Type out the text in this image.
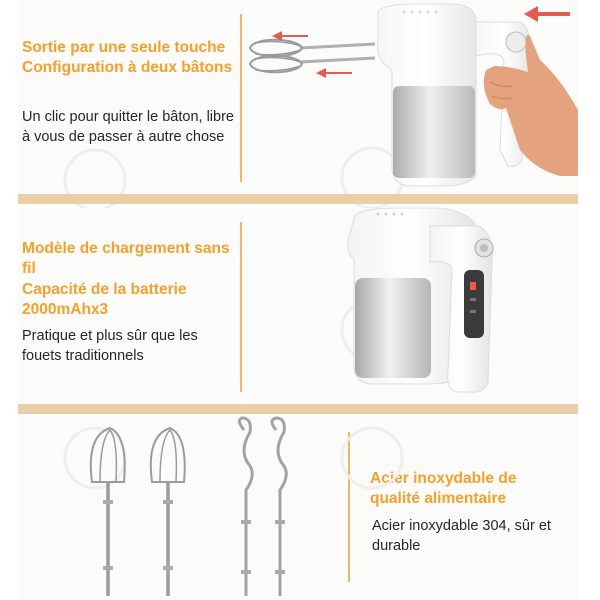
Sortie par une seule touche Configuration à deux bâtons
Un clic pour quitter le bâton, libre à vous de passer à autre chose
Modèle de chargement sans fil
Capacité de la batterie 2000mAhx3
Pratique et plus sûr que les fouets traditionnels
Acier inoxydable de qualité alimentaire
Acier inoxydable 304, sûr et durable
